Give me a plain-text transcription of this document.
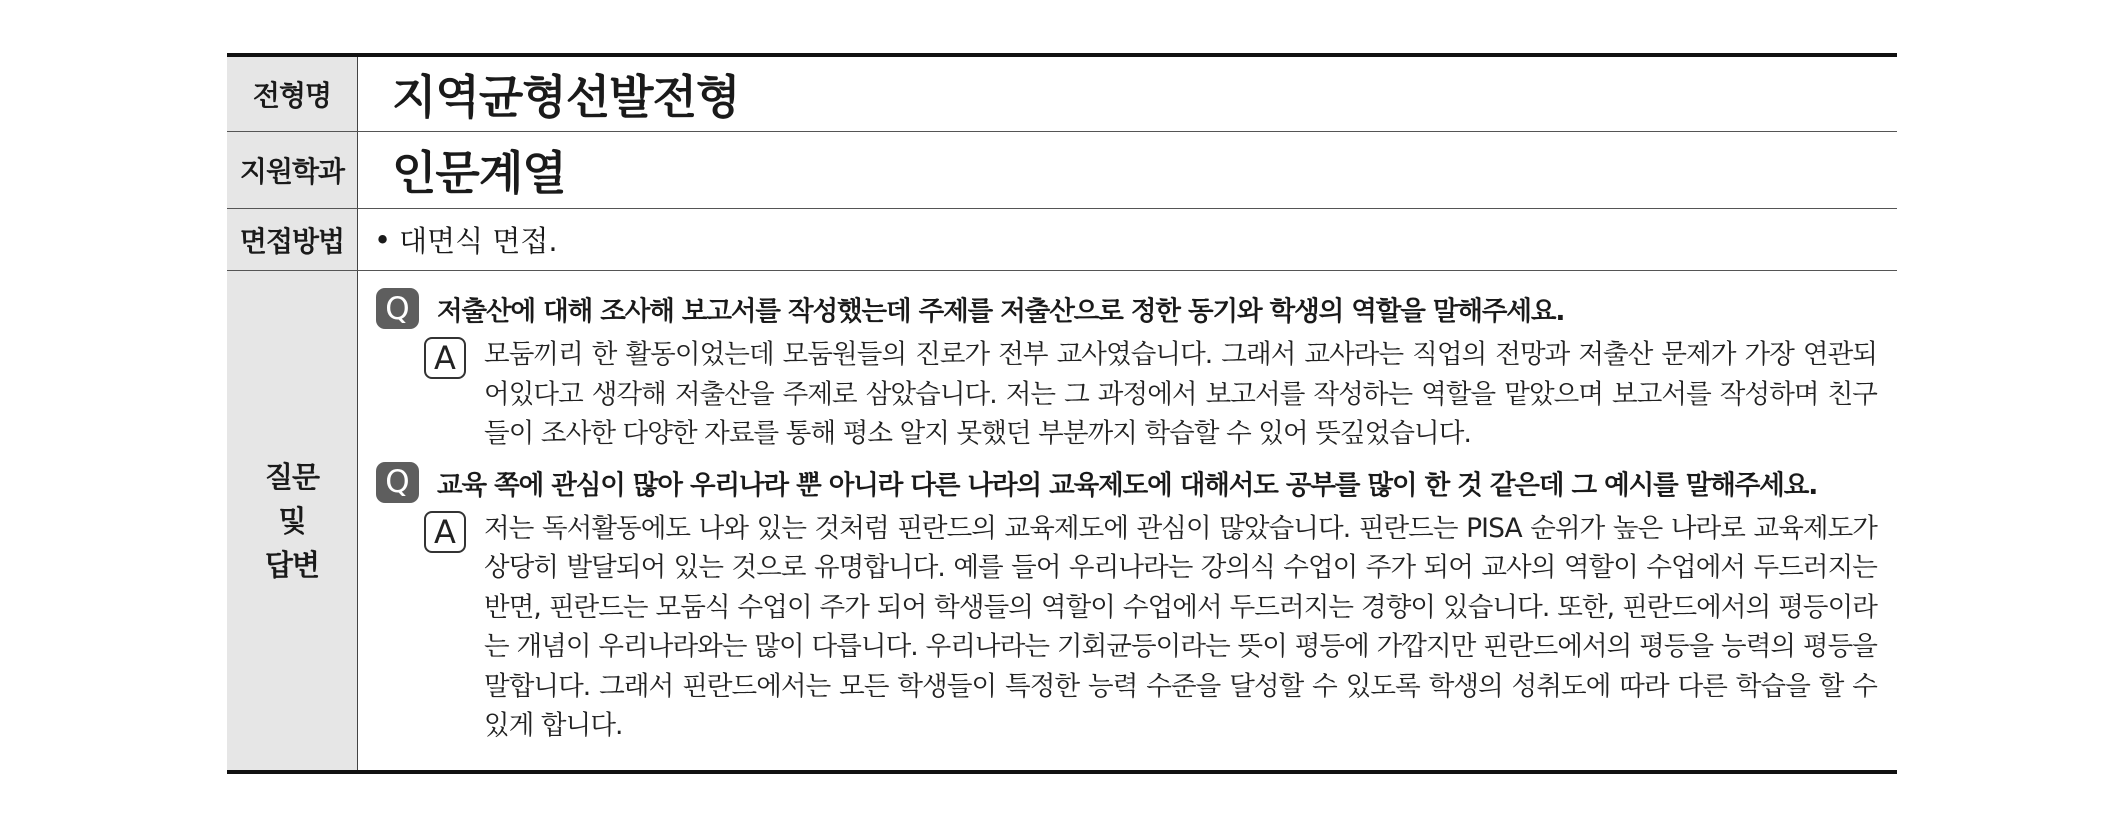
전형명	지역균형선발전형
지원학과	인문계열
면접방법	• 대면식 면접.
질문
및
답변
Q	저출산에 대해 조사해 보고서를 작성했는데 주제를 저출산으로 정한 동기와 학생의 역할을 말해주세요.
A	모둠끼리 한 활동이었는데 모둠원들의 진로가 전부 교사였습니다. 그래서 교사라는 직업의 전망과 저출산 문제가 가장 연관되어있다고 생각해 저출산을 주제로 삼았습니다. 저는 그 과정에서 보고서를 작성하는 역할을 맡았으며 보고서를 작성하며 친구들이 조사한 다양한 자료를 통해 평소 알지 못했던 부분까지 학습할 수 있어 뜻깊었습니다.
Q	교육 쪽에 관심이 많아 우리나라 뿐 아니라 다른 나라의 교육제도에 대해서도 공부를 많이 한 것 같은데 그 예시를 말해주세요.
A	저는 독서활동에도 나와 있는 것처럼 핀란드의 교육제도에 관심이 많았습니다. 핀란드는 PISA 순위가 높은 나라로 교육제도가 상당히 발달되어 있는 것으로 유명합니다. 예를 들어 우리나라는 강의식 수업이 주가 되어 교사의 역할이 수업에서 두드러지는 반면, 핀란드는 모둠식 수업이 주가 되어 학생들의 역할이 수업에서 두드러지는 경향이 있습니다. 또한, 핀란드에서의 평등이라는 개념이 우리나라와는 많이 다릅니다. 우리나라는 기회균등이라는 뜻이 평등에 가깝지만 핀란드에서의 평등을 능력의 평등을 말합니다. 그래서 핀란드에서는 모든 학생들이 특정한 능력 수준을 달성할 수 있도록 학생의 성취도에 따라 다른 학습을 할 수 있게 합니다.
